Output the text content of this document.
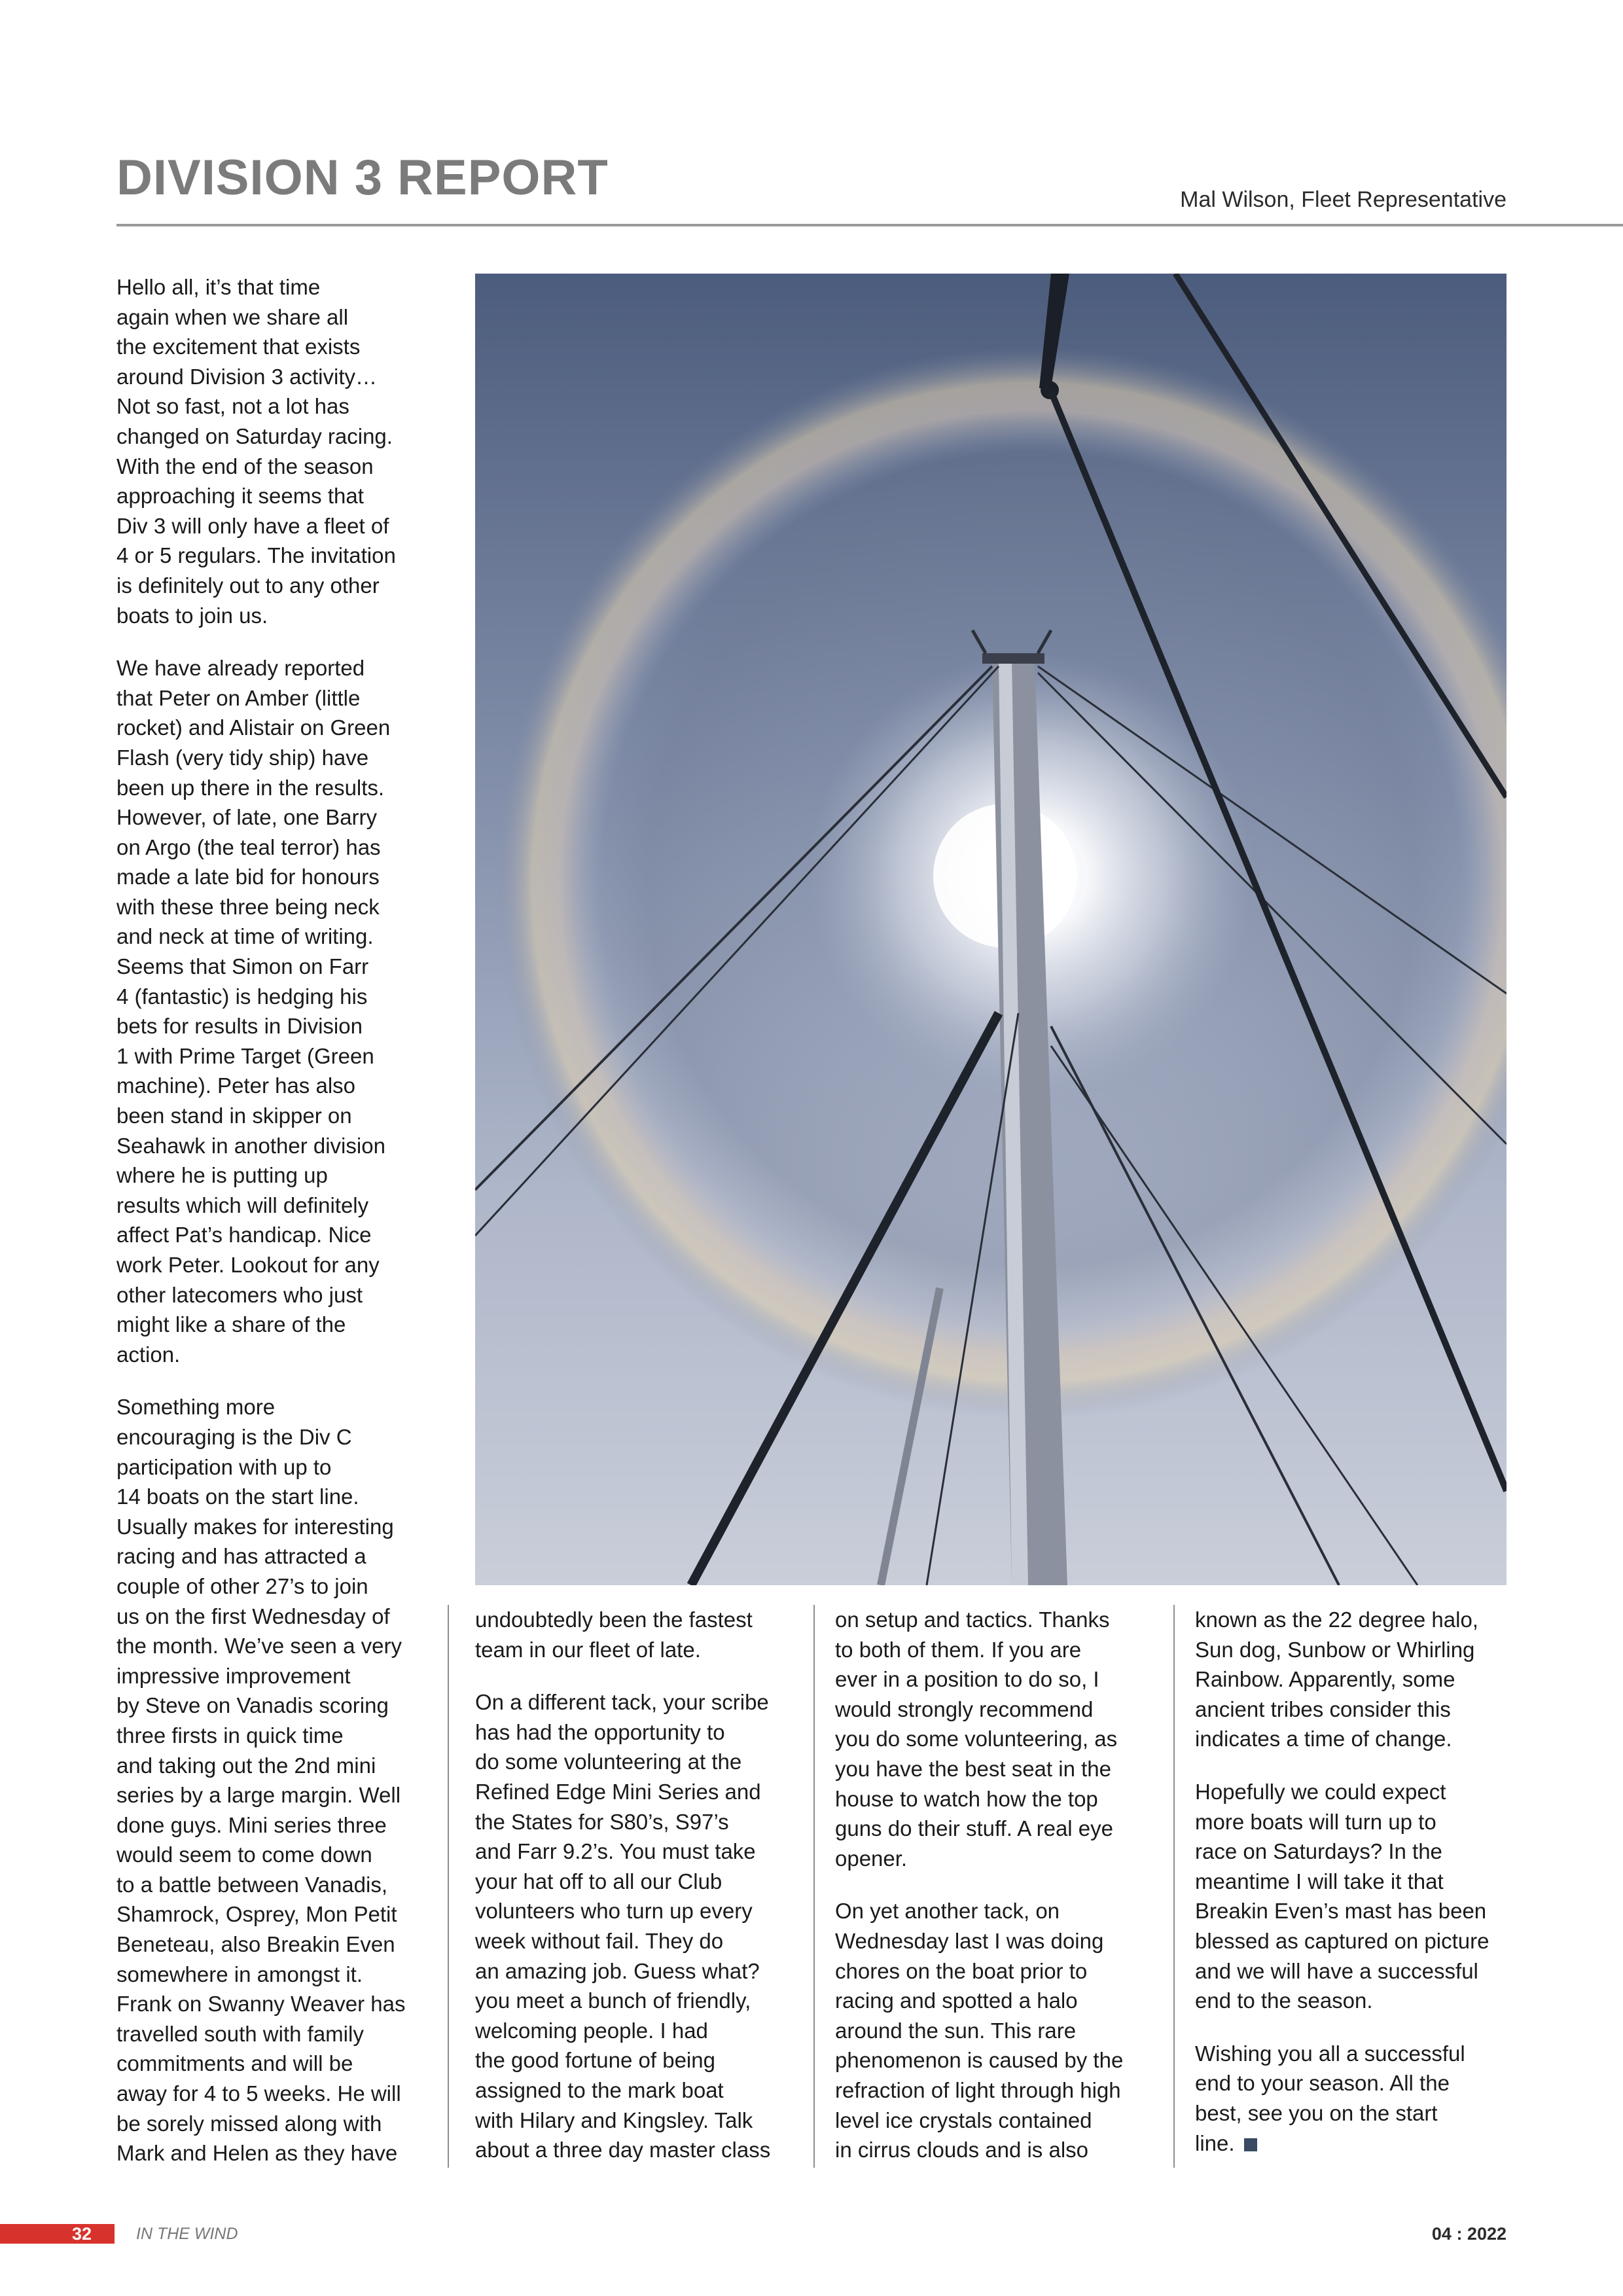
DIVISION 3 REPORT	Mal Wilson, Fleet Representative

Hello all, it’s that time
again when we share all
the excitement that exists
around Division 3 activity…
Not so fast, not a lot has
changed on Saturday racing.
With the end of the season
approaching it seems that
Div 3 will only have a fleet of
4 or 5 regulars. The invitation
is definitely out to any other
boats to join us.

We have already reported
that Peter on Amber (little
rocket) and Alistair on Green
Flash (very tidy ship) have
been up there in the results.
However, of late, one Barry
on Argo (the teal terror) has
made a late bid for honours
with these three being neck
and neck at time of writing.
Seems that Simon on Farr
4 (fantastic) is hedging his
bets for results in Division
1 with Prime Target (Green
machine). Peter has also
been stand in skipper on
Seahawk in another division
where he is putting up
results which will definitely
affect Pat’s handicap. Nice
work Peter. Lookout for any
other latecomers who just
might like a share of the
action.

Something more
encouraging is the Div C
participation with up to
14 boats on the start line.
Usually makes for interesting
racing and has attracted a
couple of other 27’s to join
us on the first Wednesday of
the month. We’ve seen a very
impressive improvement
by Steve on Vanadis scoring
three firsts in quick time
and taking out the 2nd mini
series by a large margin. Well
done guys. Mini series three
would seem to come down
to a battle between Vanadis,
Shamrock, Osprey, Mon Petit
Beneteau, also Breakin Even
somewhere in amongst it.
Frank on Swanny Weaver has
travelled south with family
commitments and will be
away for 4 to 5 weeks. He will
be sorely missed along with
Mark and Helen as they have

undoubtedly been the fastest
team in our fleet of late.

On a different tack, your scribe
has had the opportunity to
do some volunteering at the
Refined Edge Mini Series and
the States for S80’s, S97’s
and Farr 9.2’s. You must take
your hat off to all our Club
volunteers who turn up every
week without fail. They do
an amazing job. Guess what?
you meet a bunch of friendly,
welcoming people. I had
the good fortune of being
assigned to the mark boat
with Hilary and Kingsley. Talk
about a three day master class

on setup and tactics. Thanks
to both of them. If you are
ever in a position to do so, I
would strongly recommend
you do some volunteering, as
you have the best seat in the
house to watch how the top
guns do their stuff. A real eye
opener.

On yet another tack, on
Wednesday last I was doing
chores on the boat prior to
racing and spotted a halo
around the sun. This rare
phenomenon is caused by the
refraction of light through high
level ice crystals contained
in cirrus clouds and is also

known as the 22 degree halo,
Sun dog, Sunbow or Whirling
Rainbow. Apparently, some
ancient tribes consider this
indicates a time of change.

Hopefully we could expect
more boats will turn up to
race on Saturdays? In the
meantime I will take it that
Breakin Even’s mast has been
blessed as captured on picture
and we will have a successful
end to the season.

Wishing you all a successful
end to your season. All the
best, see you on the start
line.

32	IN THE WIND	04 : 2022
